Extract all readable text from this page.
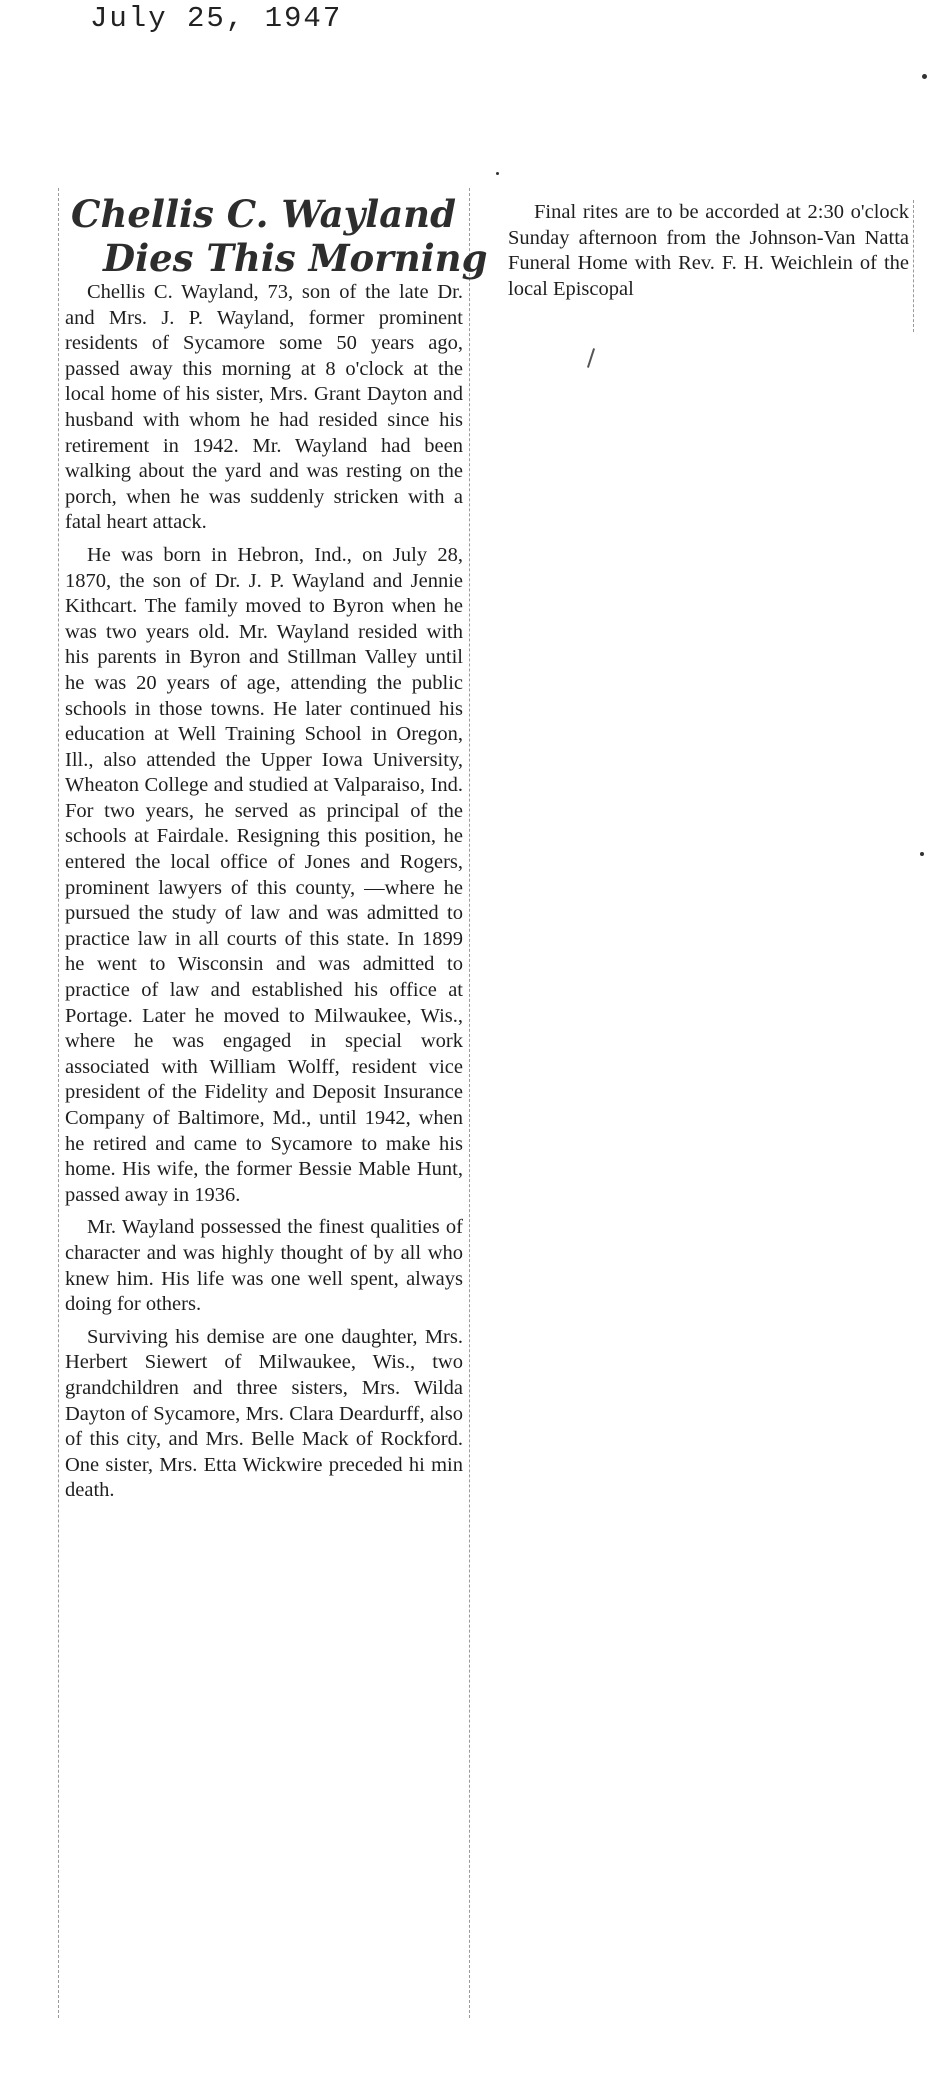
July 25, 1947
Chellis C. Wayland
Dies This Morning

Chellis C. Wayland, 73, son of the late Dr. and Mrs. J. P. Wayland, former prominent residents of Sycamore some 50 years ago, passed away this morning at 8 o'clock at the local home of his sister, Mrs. Grant Dayton and husband with whom he had resided since his retirement in 1942. Mr. Wayland had been walking about the yard and was resting on the porch, when he was suddenly stricken with a fatal heart attack.

He was born in Hebron, Ind., on July 28, 1870, the son of Dr. J. P. Wayland and Jennie Kithcart. The family moved to Byron when he was two years old. Mr. Wayland resided with his parents in Byron and Stillman Valley until he was 20 years of age, attending the public schools in those towns. He later continued his education at Well Training School in Oregon, Ill., also attended the Upper Iowa University, Wheaton College and studied at Valparaiso, Ind. For two years, he served as principal of the schools at Fairdale. Resigning this position, he entered the local office of Jones and Rogers, prominent lawyers of this county, —where he pursued the study of law and was admitted to practice law in all courts of this state. In 1899 he went to Wisconsin and was admitted to practice of law and established his office at Portage. Later he moved to Milwaukee, Wis., where he was engaged in special work associated with William Wolff, resident vice president of the Fidelity and Deposit Insurance Company of Baltimore, Md., until 1942, when he retired and came to Sycamore to make his home. His wife, the former Bessie Mable Hunt, passed away in 1936.

Mr. Wayland possessed the finest qualities of character and was highly thought of by all who knew him. His life was one well spent, always doing for others.

Surviving his demise are one daughter, Mrs. Herbert Siewert of Milwaukee, Wis., two grandchildren and three sisters, Mrs. Wilda Dayton of Sycamore, Mrs. Clara Deardurff, also of this city, and Mrs. Belle Mack of Rockford. One sister, Mrs. Etta Wickwire preceded hi min death.

Final rites are to be accorded at 2:30 o'clock Sunday afternoon from the Johnson-Van Natta Funeral Home with Rev. F. H. Weichlein of the local Episcopal
